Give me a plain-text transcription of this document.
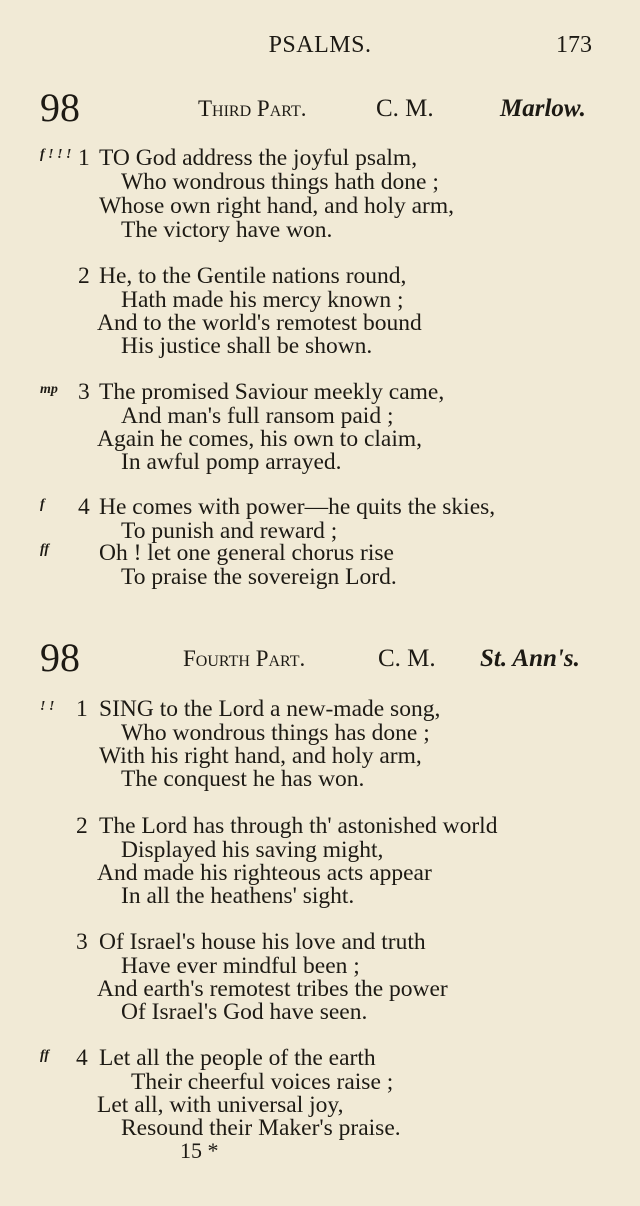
PSALMS.	173
98	Third Part.	C. M.	Marlow.
f ! ! ! 1 TO God address the joyful psalm,
Who wondrous things hath done ;
Whose own right hand, and holy arm,
The victory have won.
2 He, to the Gentile nations round,
Hath made his mercy known ;
And to the world's remotest bound
His justice shall be shown.
mp 3 The promised Saviour meekly came,
And man's full ransom paid ;
Again he comes, his own to claim,
In awful pomp arrayed.
f 4 He comes with power—he quits the skies,
To punish and reward ;
ff Oh ! let one general chorus rise
To praise the sovereign Lord.
98	Fourth Part.	C. M. St. Ann's.
! ! 1 SING to the Lord a new-made song,
Who wondrous things has done ;
With his right hand, and holy arm,
The conquest he has won.
2 The Lord has through th' astonished world
Displayed his saving might,
And made his righteous acts appear
In all the heathens' sight.
3 Of Israel's house his love and truth
Have ever mindful been ;
And earth's remotest tribes the power
Of Israel's God have seen.
ff 4 Let all the people of the earth
Their cheerful voices raise ;
Let all, with universal joy,
Resound their Maker's praise.
15 *
